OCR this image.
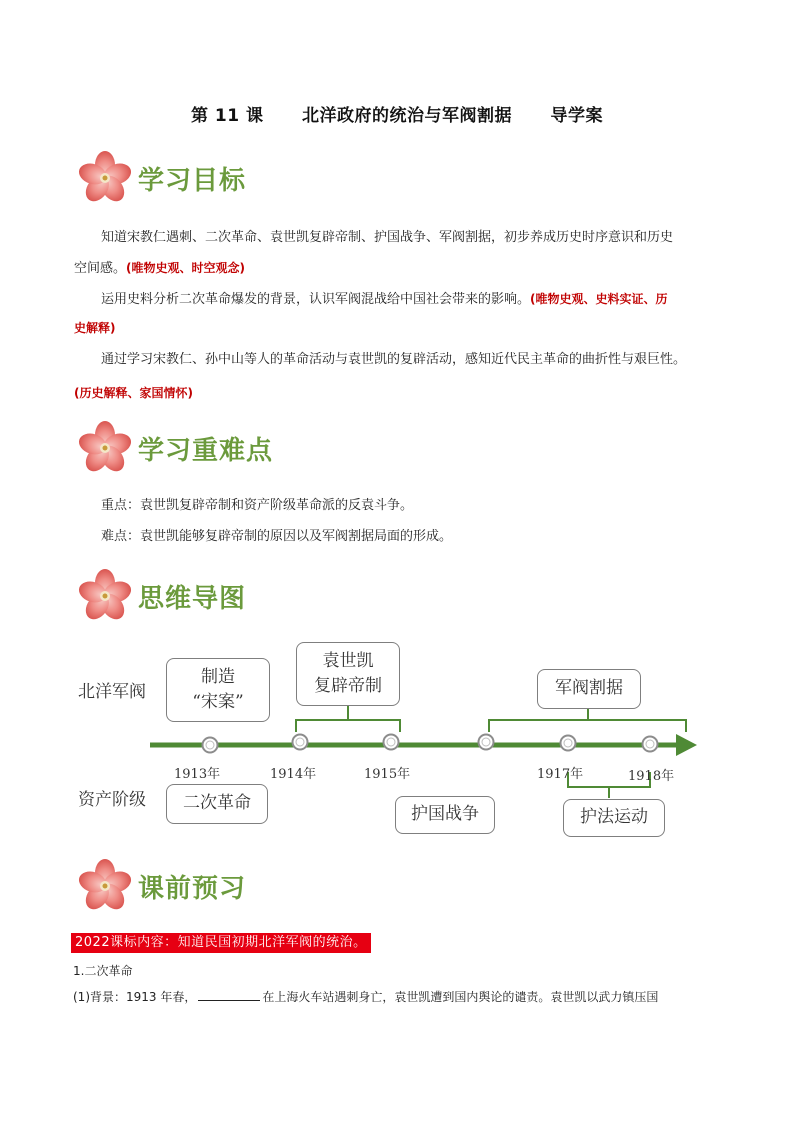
第 11 课      北洋政府的统治与军阀割据      导学案
学习目标
知道宋教仁遇刺、二次革命、袁世凯复辟帝制、护国战争、军阀割据，初步养成历史时序意识和历史
空间感。(唯物史观、时空观念)
运用史料分析二次革命爆发的背景，认识军阀混战给中国社会带来的影响。(唯物史观、史料实证、历
史解释)
通过学习宋教仁、孙中山等人的革命活动与袁世凯的复辟活动，感知近代民主革命的曲折性与艰巨性。
(历史解释、家国情怀)
学习重难点
重点：袁世凯复辟帝制和资产阶级革命派的反袁斗争。
难点：袁世凯能够复辟帝制的原因以及军阀割据局面的形成。
思维导图
北洋军阀
资产阶级
制造
“宋案”
袁世凯
复辟帝制	军阀割据
二次革命
护国战争	护法运动
1913年	1914年	1915年	1917年	1918年
课前预习
2022课标内容：知道民国初期北洋军阀的统治。
1.二次革命
(1)背景：1913 年春，	在上海火车站遇刺身亡，袁世凯遭到国内舆论的谴责。袁世凯以武力镇压国
